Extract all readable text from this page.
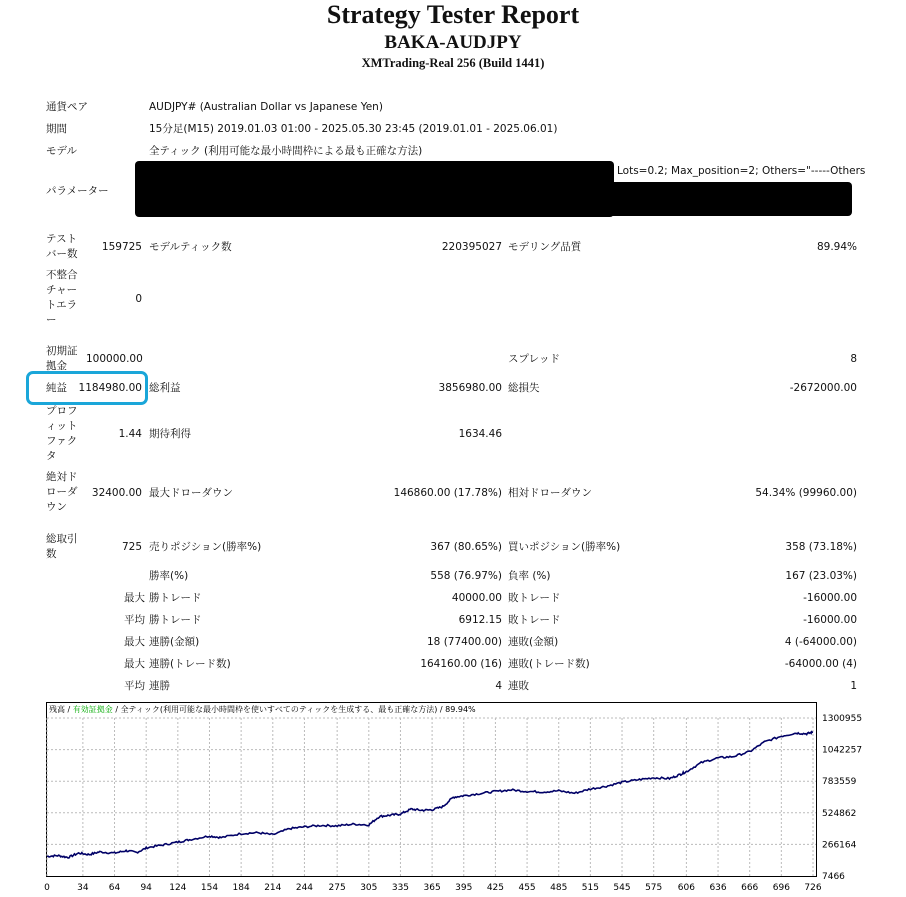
Strategy Tester Report
BAKA-AUDJPY
XMTrading-Real 256 (Build 1441)
通貨ペア	AUDJPY# (Australian Dollar vs Japanese Yen)
期間	15分足(M15) 2019.01.03 01:00 - 2025.05.30 23:45 (2019.01.01 - 2025.06.01)
モデル	全ティック (利用可能な最小時間枠による最も正確な方法)
パラメーター
Lots=0.2; Max_position=2; Others="-----Others
テストバー数
159725 モデルティック数	220395027 モデリング品質	89.94%
不整合チャートエラー
0
初期証拠金
100000.00	スプレッド	8
純益 1184980.00 総利益	3856980.00 総損失	-2672000.00
プロフィットファクタ
1.44 期待利得	1634.46
絶対ドローダウン
32400.00 最大ドローダウン	146860.00 (17.78%) 相対ドローダウン	54.34% (99960.00)
総取引数
725 売りポジション(勝率%)	367 (80.65%) 買いポジション(勝率%)	358 (73.18%)
勝率(%)	558 (76.97%) 負率 (%)	167 (23.03%)
最大 勝トレード	40000.00 敗トレード	-16000.00
平均 勝トレード	6912.15 敗トレード	-16000.00
最大 連勝(金額)	18 (77400.00) 連敗(金額)	4 (-64000.00)
最大 連勝(トレード数)	164160.00 (16) 連敗(トレード数)	-64000.00 (4)
平均 連勝	4 連敗	1
残高 / 有効証拠金 / 全ティック(利用可能な最小時間枠を使いすべてのティックを生成する、最も正確な方法) / 89.94%
1300955
1042257
783559
524862
266164
7466
0	34 64 94 124 154 184 214 244 275 305 335 365 395 425 455 485 515 545 575 606 636 666 696 726
